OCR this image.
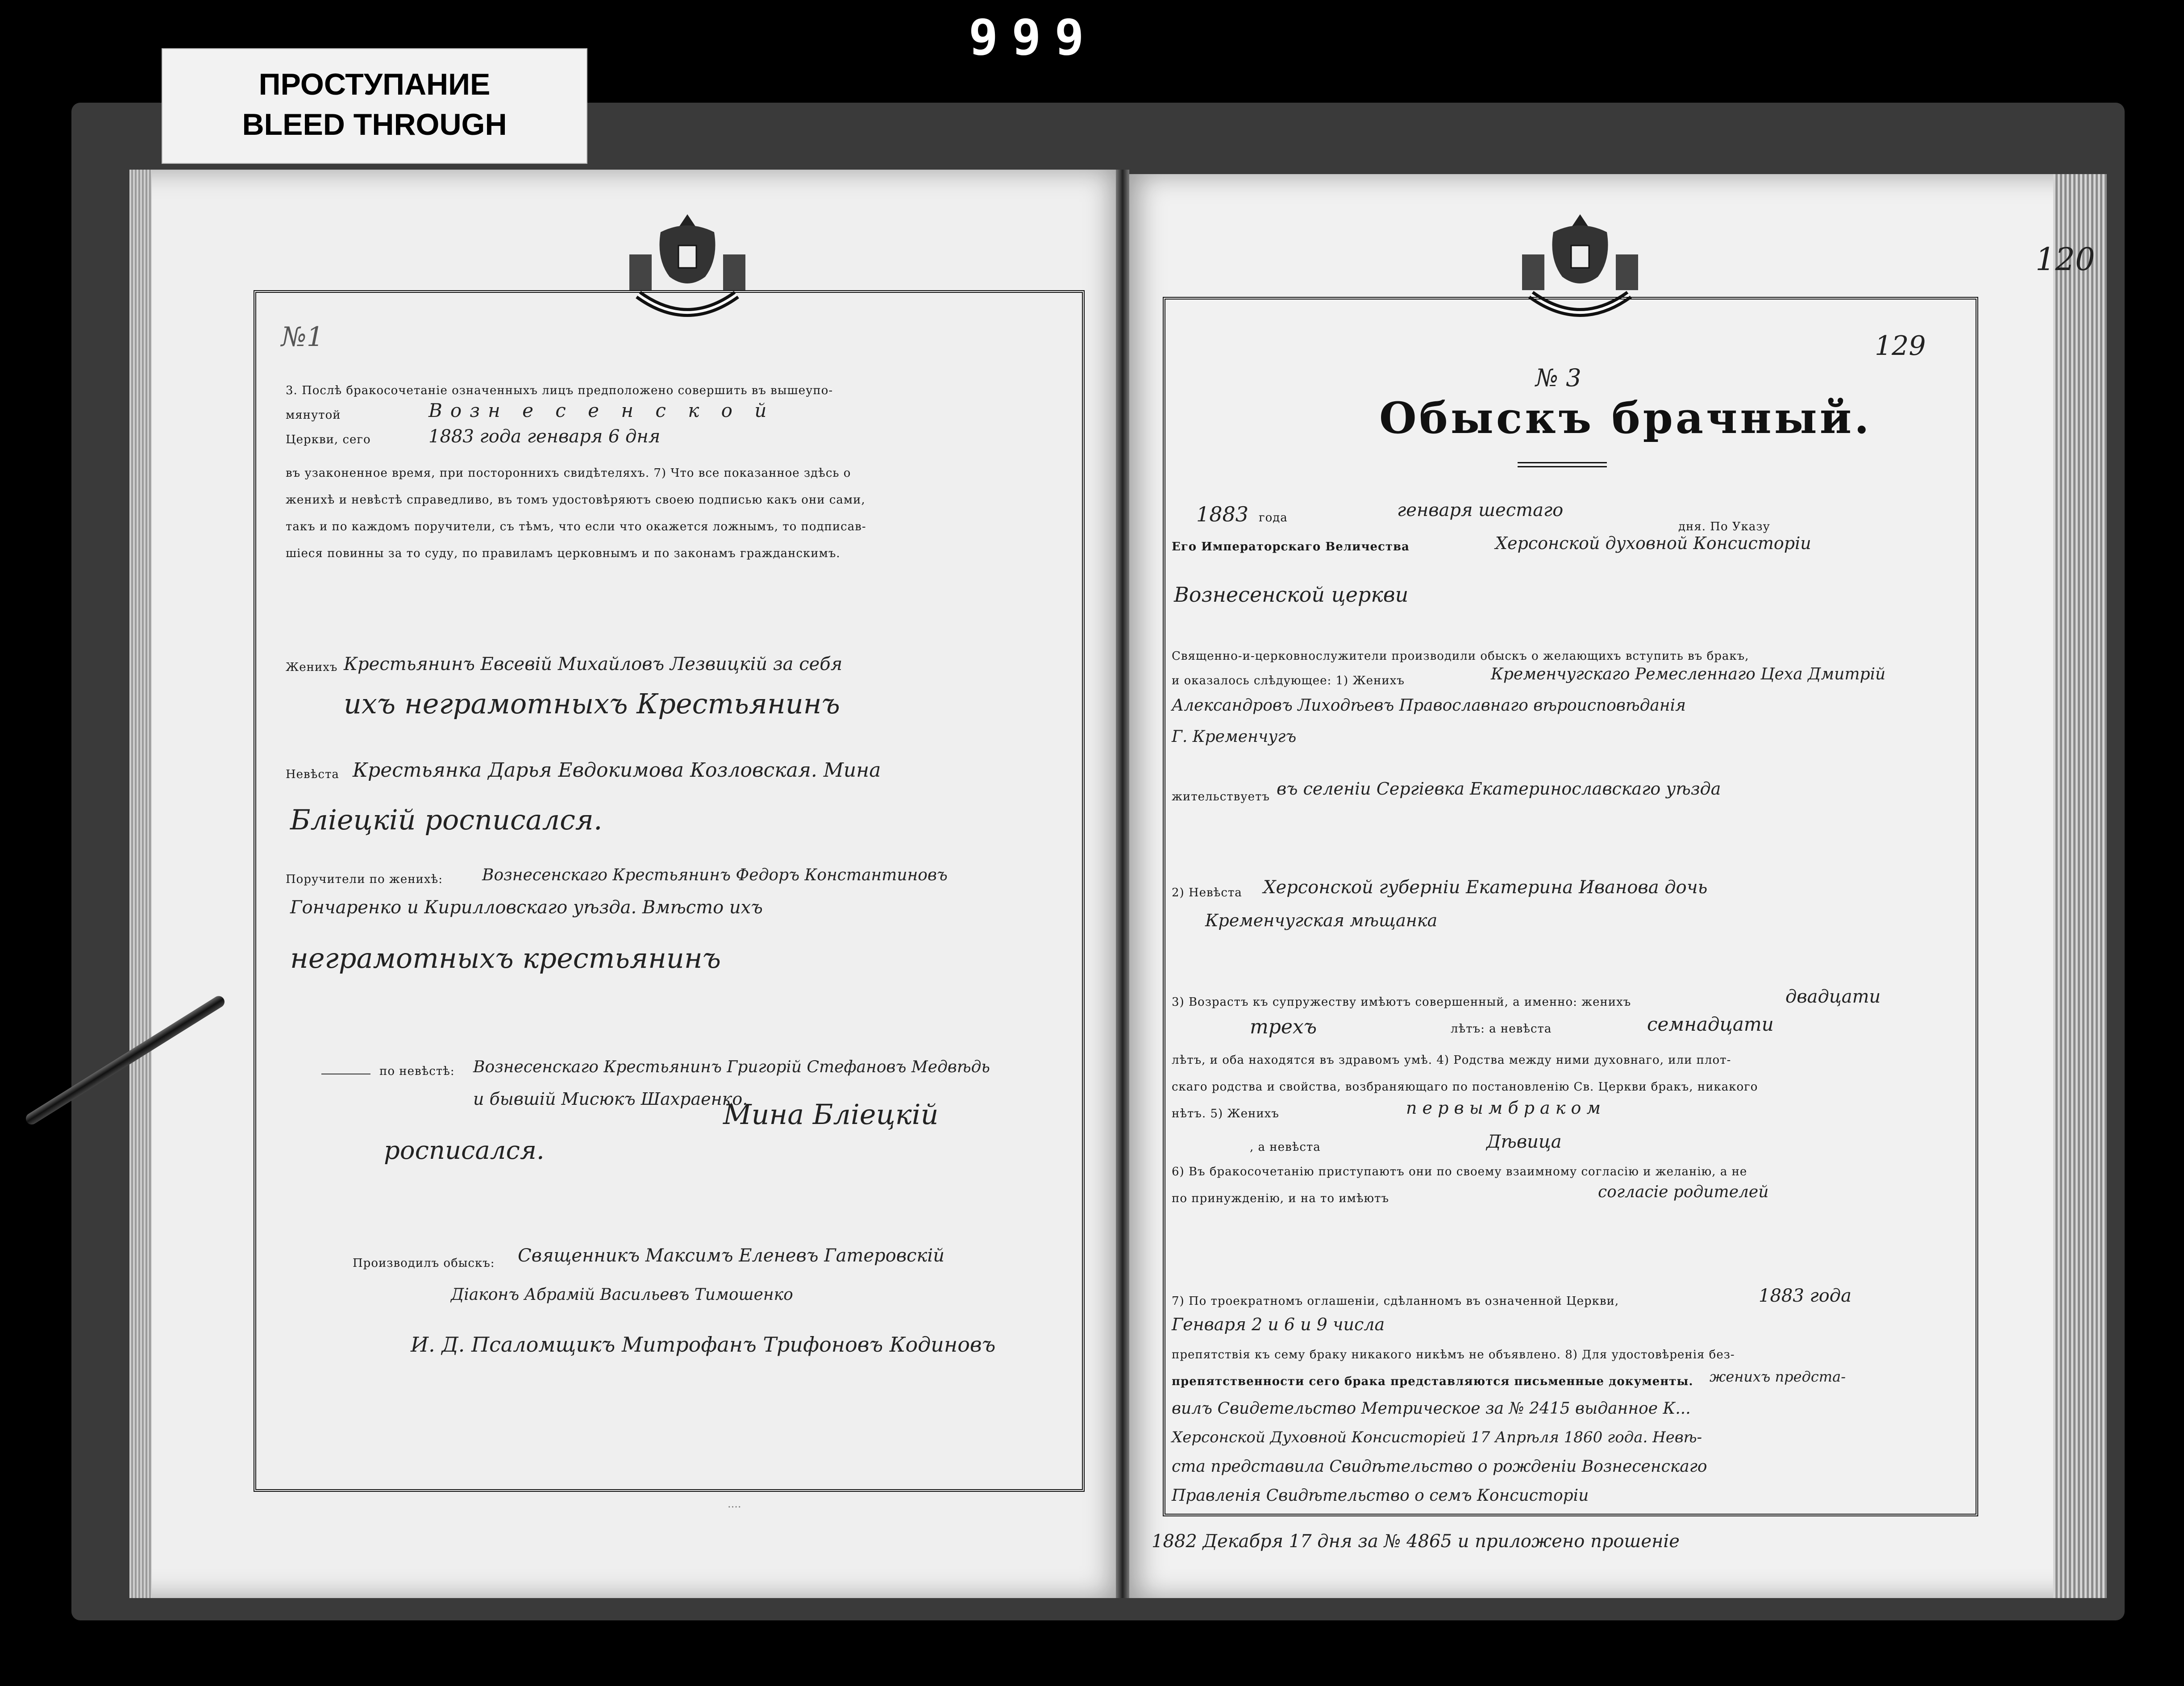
999
ПРОСТУПАНИЕ
BLEED THROUGH
№1
3. Послѣ бракосочетаніе означенныхъ лицъ предположено совершить въ вышеупо-
мянутой	Возн е с е н с к о й
Церкви, сего	1883 года генваря 6 дня
въ узаконенное время, при постороннихъ свидѣтеляхъ. 7) Что все показанное здѣсь о
женихѣ и невѣстѣ справедливо, въ томъ удостовѣряютъ своею подписью какъ они сами,
такъ и по каждомъ поручители, съ тѣмъ, что если что окажется ложнымъ, то подписав-
шіеся повинны за то суду, по правиламъ церковнымъ и по законамъ гражданскимъ.
Женихъ Крестьянинъ Евсевій Михайловъ Лезвицкій за себя
ихъ неграмотныхъ Крестьянинъ
Невѣста Крестьянка Дарья Евдокимова Козловская. Мина
Бліецкій росписался.
Поручители по женихѣ: Вознесенскаго Крестьянинъ Федоръ Константиновъ
Гончаренко и Кирилловскаго уѣзда. Вмѣсто ихъ
неграмотныхъ крестьянинъ
по невѣстѣ: Вознесенскаго Крестьянинъ Григорій Стефановъ Медвѣдь
и бывшій Мисюкъ Шахраенко.
Мина Бліецкій
росписался.
Производилъ обыскъ: Священникъ Максимъ Еленевъ Гатеровскій
Діаконъ Абрамій Васильевъ Тимошенко
И. Д. Псаломщикъ Митрофанъ Трифоновъ Кодиновъ
....
120
129
№ 3
Обыскъ брачный.
1883 года	генваря шестаго
дня. По Указу
Его Императорскаго Величества	Херсонской духовной Консисторіи
Вознесенской церкви
Священно-и-церковнослужители производили обыскъ о желающихъ вступить въ бракъ,
и оказалось слѣдующее: 1) Женихъ	Кременчугскаго Ремесленнаго Цеха Дмитрій
Александровъ Лиходѣевъ Православнаго вѣроисповѣданія
Г. Кременчугъ
жительствуетъ въ селеніи Сергіевка Екатеринославскаго уѣзда
2) Невѣста Херсонской губерніи Екатерина Иванова дочь
Кременчугская мѣщанка
3) Возрастъ къ супружеству имѣютъ совершенный, а именно: женихъ	двадцати
трехъ	лѣтъ: а невѣста	семнадцати
лѣтъ, и оба находятся въ здравомъ умѣ. 4) Родства между ними духовнаго, или плот-
скаго родства и свойства, возбраняющаго по постановленію Св. Церкви бракъ, никакого
нѣтъ. 5) Женихъ	п е р в ы м б р а к о м
, а невѣста	Дѣвица
6) Въ бракосочетанію приступаютъ они по своему взаимному согласію и желанію, а не
по принужденію, и на то имѣютъ	согласіе родителей
7) По троекратномъ оглашеніи, сдѣланномъ въ означенной Церкви,	1883 года
Генваря 2 и 6 и 9 числа
препятствія къ сему браку никакого никѣмъ не объявлено. 8) Для удостовѣренія без-
препятственности сего брака представляются письменные документы. женихъ предста-
вилъ Свидетельство Метрическое за № 2415 выданное К...
Херсонской Духовной Консисторіей 17 Апрѣля 1860 года. Невѣ-
ста представила Свидѣтельство о рожденіи Вознесенскаго
Правленія Свидѣтельство о семъ Консисторіи
1882 Декабря 17 дня за № 4865 и приложено прошеніе
